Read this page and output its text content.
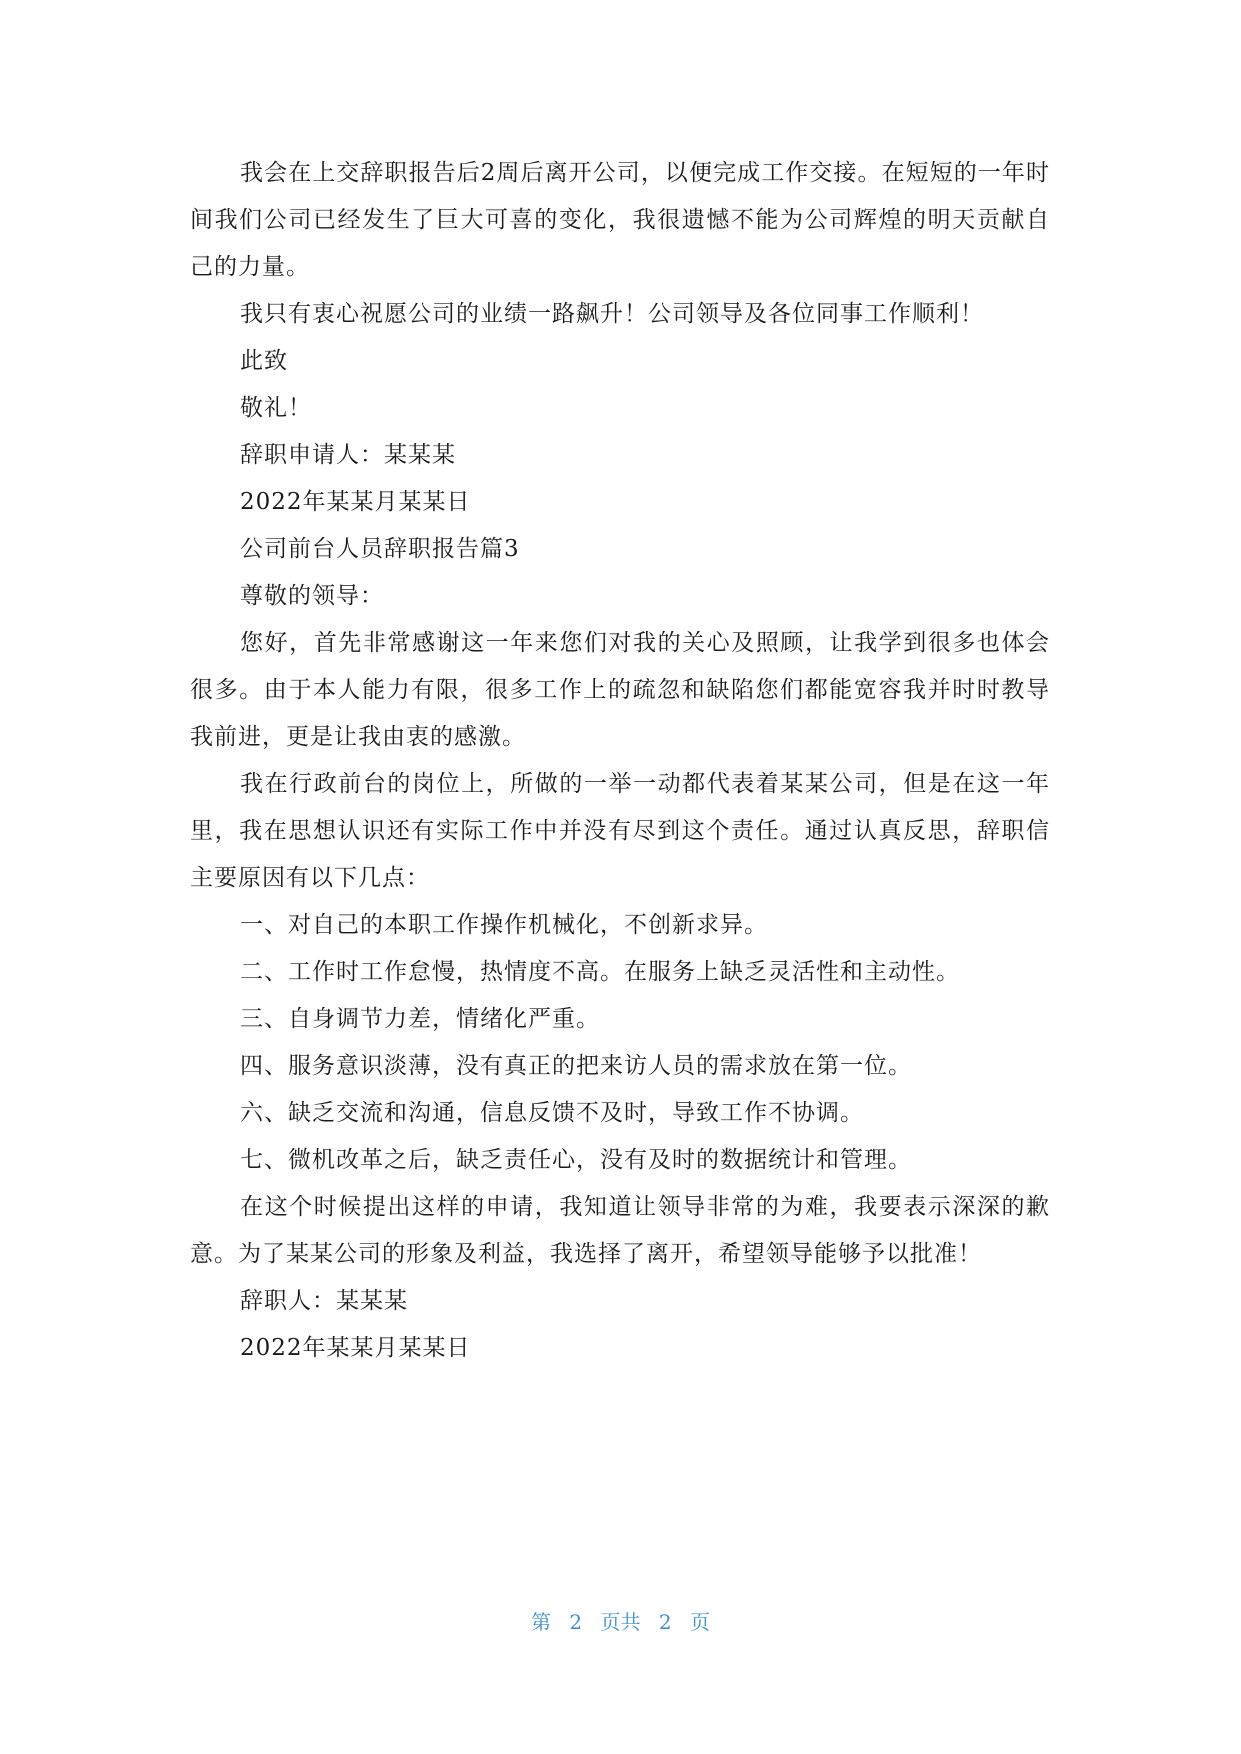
我会在上交辞职报告后2周后离开公司，以便完成工作交接。在短短的一年时间我们公司已经发生了巨大可喜的变化，我很遗憾不能为公司辉煌的明天贡献自己的力量。

我只有衷心祝愿公司的业绩一路飙升！公司领导及各位同事工作顺利！

此致

敬礼！

辞职申请人：某某某

2022年某某月某某日

公司前台人员辞职报告篇3

尊敬的领导：

您好，首先非常感谢这一年来您们对我的关心及照顾，让我学到很多也体会很多。由于本人能力有限，很多工作上的疏忽和缺陷您们都能宽容我并时时教导我前进，更是让我由衷的感激。

我在行政前台的岗位上，所做的一举一动都代表着某某公司，但是在这一年里，我在思想认识还有实际工作中并没有尽到这个责任。通过认真反思，辞职信主要原因有以下几点：

一、对自己的本职工作操作机械化，不创新求异。

二、工作时工作怠慢，热情度不高。在服务上缺乏灵活性和主动性。

三、自身调节力差，情绪化严重。

四、服务意识淡薄，没有真正的把来访人员的需求放在第一位。

六、缺乏交流和沟通，信息反馈不及时，导致工作不协调。

七、微机改革之后，缺乏责任心，没有及时的数据统计和管理。

在这个时候提出这样的申请，我知道让领导非常的为难，我要表示深深的歉意。为了某某公司的形象及利益，我选择了离开，希望领导能够予以批准！

辞职人：某某某

2022年某某月某某日

第 2 页共 2 页
